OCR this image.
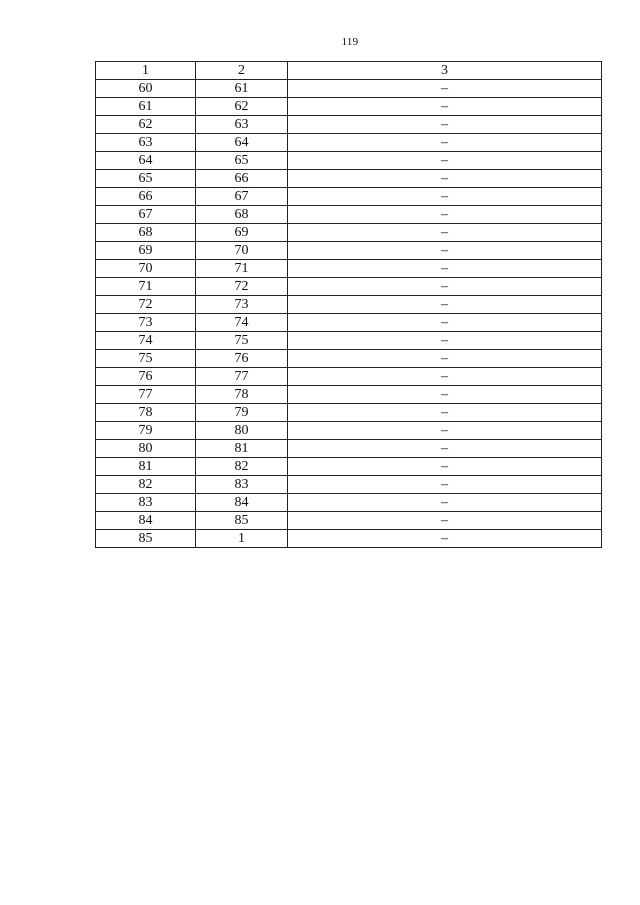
119
1	2	3
60	61	–
61	62	–
62	63	–
63	64	–
64	65	–
65	66	–
66	67	–
67	68	–
68	69	–
69	70	–
70	71	–
71	72	–
72	73	–
73	74	–
74	75	–
75	76	–
76	77	–
77	78	–
78	79	–
79	80	–
80	81	–
81	82	–
82	83	–
83	84	–
84	85	–
85	1	–
